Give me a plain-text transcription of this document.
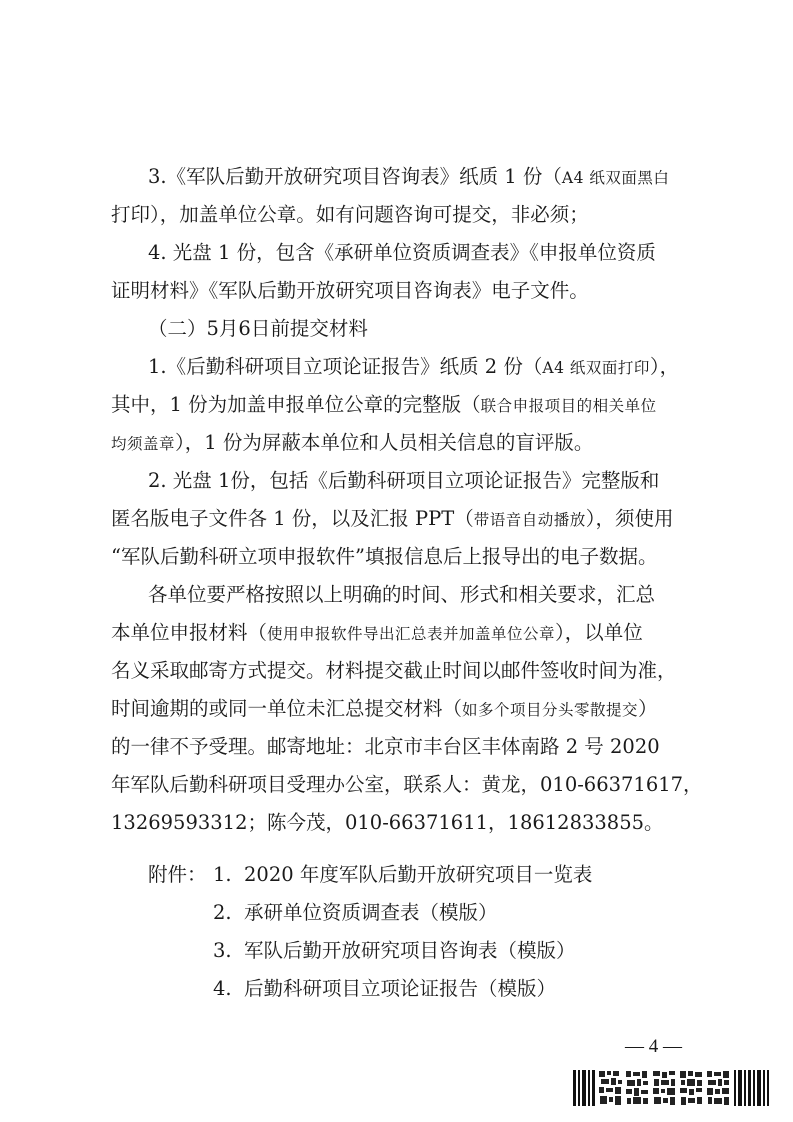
3.《军队后勤开放研究项目咨询表》纸质 1 份（A4 纸双面黑白
打印），加盖单位公章。如有问题咨询可提交，非必须；
4. 光盘 1 份，包含《承研单位资质调查表》《申报单位资质
证明材料》《军队后勤开放研究项目咨询表》电子文件。
（二）5月6日前提交材料
1.《后勤科研项目立项论证报告》纸质 2 份（A4 纸双面打印），
其中，1 份为加盖申报单位公章的完整版（联合申报项目的相关单位
均须盖章），1 份为屏蔽本单位和人员相关信息的盲评版。
2. 光盘 1份，包括《后勤科研项目立项论证报告》完整版和
匿名版电子文件各 1 份，以及汇报 PPT（带语音自动播放），须使用
“军队后勤科研立项申报软件”填报信息后上报导出的电子数据。
各单位要严格按照以上明确的时间、形式和相关要求，汇总
本单位申报材料（使用申报软件导出汇总表并加盖单位公章），以单位
名义采取邮寄方式提交。材料提交截止时间以邮件签收时间为准，
时间逾期的或同一单位未汇总提交材料（如多个项目分头零散提交）
的一律不予受理。邮寄地址：北京市丰台区丰体南路 2 号 2020
年军队后勤科研项目受理办公室，联系人：黄龙，010-66371617，
13269593312；陈今茂，010-66371611，18612833855。
附件： 1.  2020 年度军队后勤开放研究项目一览表
2.  承研单位资质调查表（模版）
3.  军队后勤开放研究项目咨询表（模版）
4.  后勤科研项目立项论证报告（模版）
— 4 —
